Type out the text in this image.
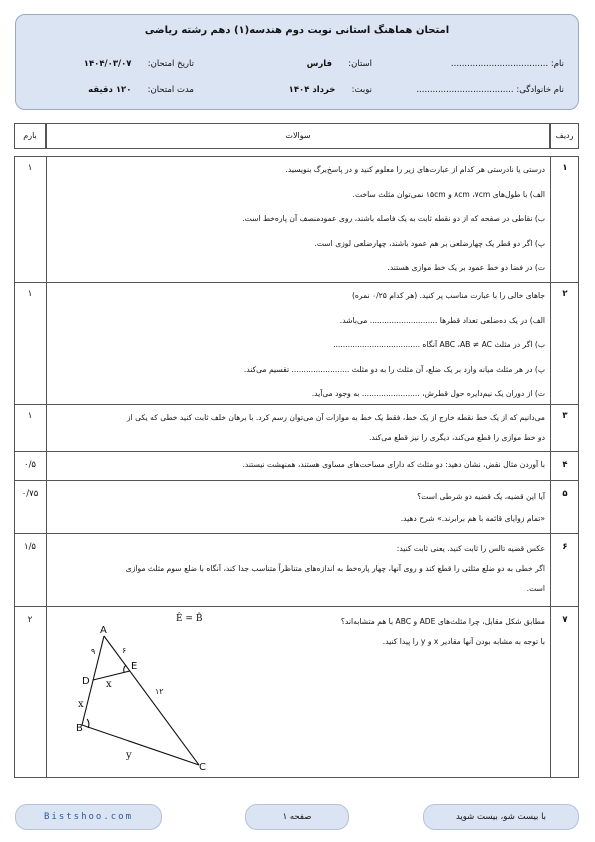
امتحان هماهنگ استانی نوبت دوم هندسه(۱) دهم رشته ریاضی
نام: ....................................
نام خانوادگی: ....................................
استان:      فارس
نوبت:      خرداد ۱۴۰۴
تاریخ امتحان:      ۱۴۰۴/۰۳/۰۷
مدت امتحان:      ۱۲۰ دقیقه
ردیف
سوالات
بارم
۱
۱	درستی یا نادرستی هر کدام از عبارت‌های زیر را معلوم کنید و در پاسخ‌برگ بنویسید.

الف) با طول‌های ۸cm ،۷cm و ۱۵cm نمی‌توان مثلث ساخت.

ب) نقاطی در صفحه که از دو نقطه ثابت به یک فاصله باشند، روی عمودمنصف آن پاره‌خط است.

پ) اگر دو قطر یک چهارضلعی بر هم عمود باشند، چهارضلعی لوزی است.

ت) در فضا دو خط عمود بر یک خط موازی هستند.

۲
۱	جاهای خالی را با عبارت مناسب پر کنید. (هر کدام ۰/۲۵ نمره)

الف) در یک ده‌ضلعی تعداد قطرها ............................ می‌باشد.

ب) اگر در مثلث ABC ،AB ≠ AC آنگاه ....................................

پ) در هر مثلث میانه وارد بر یک ضلع، آن مثلث را به دو مثلث ........................ تقسیم می‌کند.

ت) از دوران یک نیم‌دایره حول قطرش، ........................ به وجود می‌آید.

۳
۱	می‌دانیم که از یک خط نقطه خارج از یک خط، فقط یک خط به موازات آن می‌توان رسم کرد. با برهان خلف ثابت کنید خطی که یکی از

دو خط موازی را قطع می‌کند، دیگری را نیز قطع می‌کند.

۴
۰/۵	با آوردن مثال نقض، نشان دهید: دو مثلث که دارای مساحت‌های مساوی هستند، همنهشت نیستند.

۵
۰/۷۵	آیا این قضیه، یک قضیه دو شرطی است؟

«تمام زوایای قائمه با هم برابرند.» شرح دهید.

۶
۱/۵	عکس قضیه تالس را ثابت کنید. یعنی ثابت کنید:

اگر خطی به دو ضلع مثلثی را قطع کند و روی آنها، چهار پاره‌خط به اندازه‌های متناظراً متناسب جدا کند، آنگاه با ضلع سوم مثلث موازی

است.

۷
۲	مطابق شکل مقابل، چرا مثلث‌های ADE و ABC با هم متشابه‌اند؟

با توجه به مشابه بودن آنها مقادیر x و y را پیدا کنید.

Ê = B̂
A
D
E
B
C
۹	۶
۱۲
x
x
y
Bistshoo.com	صفحه ۱	با بیست شو، بیست شوید
